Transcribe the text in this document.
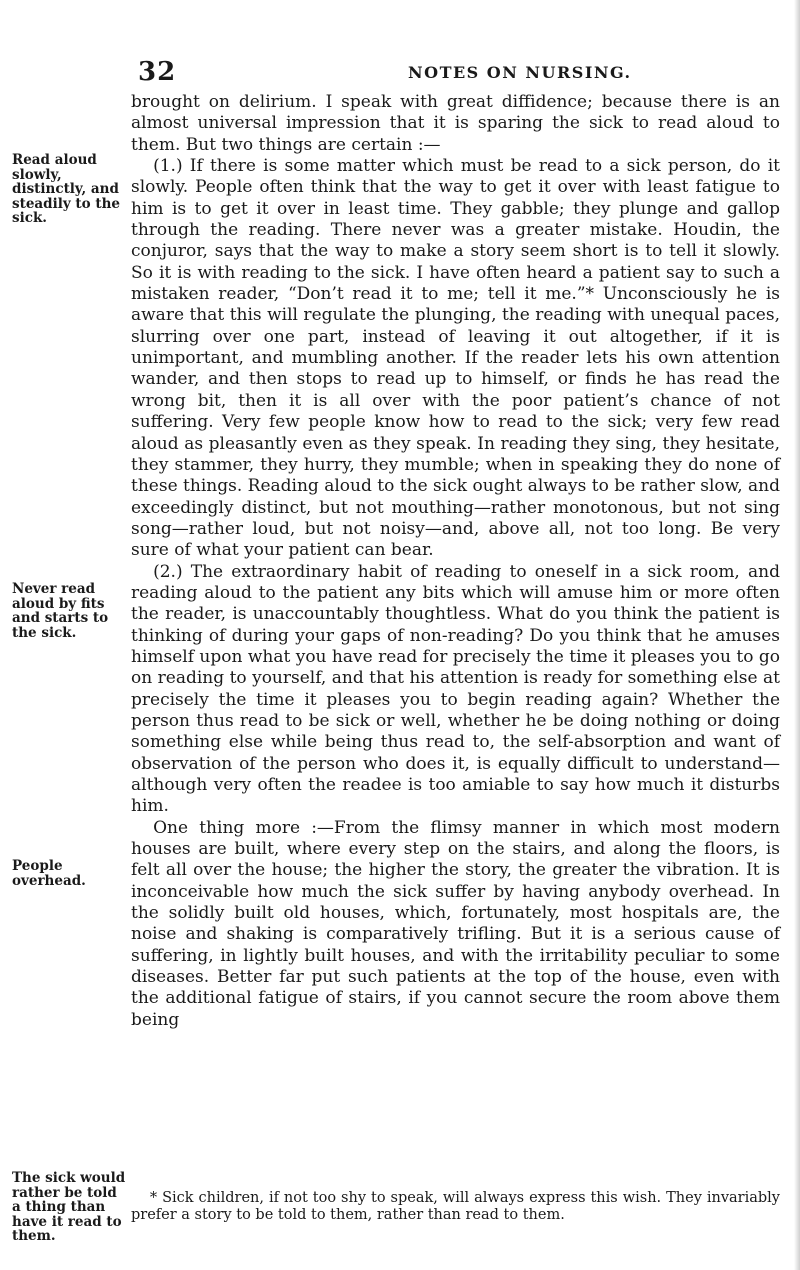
32	NOTES ON NURSING.
Read aloud slowly, distinctly, and steadily to the sick.
Never read aloud by fits and starts to the sick.
People overhead.
The sick would rather be told a thing than have it read to them.

brought on delirium. I speak with great diffidence; because there is an almost universal impression that it is sparing the sick to read aloud to them. But two things are certain :—

(1.) If there is some matter which must be read to a sick person, do it slowly. People often think that the way to get it over with least fatigue to him is to get it over in least time. They gabble; they plunge and gallop through the reading. There never was a greater mistake. Houdin, the conjuror, says that the way to make a story seem short is to tell it slowly. So it is with reading to the sick. I have often heard a patient say to such a mistaken reader, “Don’t read it to me; tell it me.”* Unconsciously he is aware that this will regulate the plunging, the reading with unequal paces, slurring over one part, instead of leaving it out altogether, if it is unimportant, and mumbling another. If the reader lets his own attention wander, and then stops to read up to himself, or finds he has read the wrong bit, then it is all over with the poor patient’s chance of not suffering. Very few people know how to read to the sick; very few read aloud as pleasantly even as they speak. In reading they sing, they hesitate, they stammer, they hurry, they mumble; when in speaking they do none of these things. Reading aloud to the sick ought always to be rather slow, and exceedingly distinct, but not mouthing—rather monotonous, but not sing song—rather loud, but not noisy—and, above all, not too long. Be very sure of what your patient can bear.

(2.) The extraordinary habit of reading to oneself in a sick room, and reading aloud to the patient any bits which will amuse him or more often the reader, is unaccountably thoughtless. What do you think the patient is thinking of during your gaps of non-reading? Do you think that he amuses himself upon what you have read for precisely the time it pleases you to go on reading to yourself, and that his attention is ready for something else at precisely the time it pleases you to begin reading again? Whether the person thus read to be sick or well, whether he be doing nothing or doing something else while being thus read to, the self-absorption and want of observation of the person who does it, is equally difficult to understand—although very often the readee is too amiable to say how much it disturbs him.

One thing more :—From the flimsy manner in which most modern houses are built, where every step on the stairs, and along the floors, is felt all over the house; the higher the story, the greater the vibration. It is inconceivable how much the sick suffer by having anybody overhead. In the solidly built old houses, which, fortunately, most hospitals are, the noise and shaking is comparatively trifling. But it is a serious cause of suffering, in lightly built houses, and with the irritability peculiar to some diseases. Better far put such patients at the top of the house, even with the additional fatigue of stairs, if you cannot secure the room above them being

* Sick children, if not too shy to speak, will always express this wish. They invariably prefer a story to be told to them, rather than read to them.
